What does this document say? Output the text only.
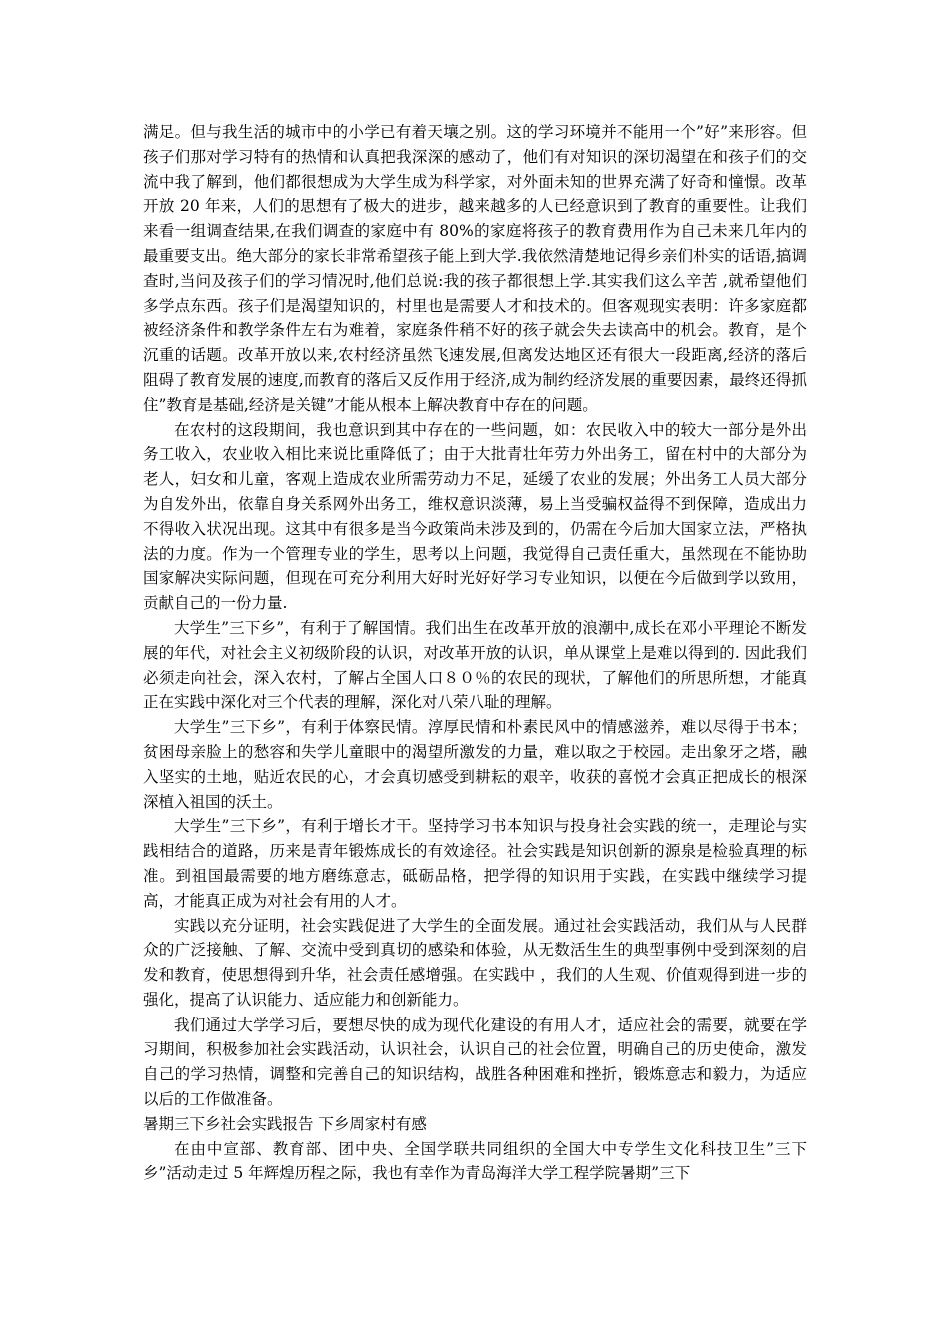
满足。但与我生活的城市中的小学已有着天壤之别。这的学习环境并不能用一个”好”来形容。但孩子们那对学习特有的热情和认真把我深深的感动了，他们有对知识的深切渴望在和孩子们的交流中我了解到，他们都很想成为大学生成为科学家，对外面未知的世界充满了好奇和憧憬。改革开放 20 年来，人们的思想有了极大的进步，越来越多的人已经意识到了教育的重要性。让我们来看一组调查结果,在我们调查的家庭中有 80%的家庭将孩子的教育费用作为自己未来几年内的最重要支出。绝大部分的家长非常希望孩子能上到大学.我依然清楚地记得乡亲们朴实的话语,搞调查时,当问及孩子们的学习情况时,他们总说:我的孩子都很想上学.其实我们这么辛苦 ,就希望他们多学点东西。孩子们是渴望知识的，村里也是需要人才和技术的。但客观现实表明：许多家庭都被经济条件和教学条件左右为难着，家庭条件稍不好的孩子就会失去读高中的机会。教育，是个沉重的话题。改革开放以来,农村经济虽然飞速发展,但离发达地区还有很大一段距离,经济的落后阻碍了教育发展的速度,而教育的落后又反作用于经济,成为制约经济发展的重要因素，最终还得抓住”教育是基础,经济是关键”才能从根本上解决教育中存在的问题。

在农村的这段期间，我也意识到其中存在的一些问题，如：农民收入中的较大一部分是外出务工收入，农业收入相比来说比重降低了；由于大批青壮年劳力外出务工，留在村中的大部分为老人，妇女和儿童，客观上造成农业所需劳动力不足，延缓了农业的发展；外出务工人员大部分为自发外出，依靠自身关系网外出务工，维权意识淡薄，易上当受骗权益得不到保障，造成出力不得收入状况出现。这其中有很多是当今政策尚未涉及到的，仍需在今后加大国家立法，严格执法的力度。作为一个管理专业的学生，思考以上问题，我觉得自己责任重大，虽然现在不能协助国家解决实际问题，但现在可充分利用大好时光好好学习专业知识，以便在今后做到学以致用，贡献自己的一份力量.

大学生”三下乡”，有利于了解国情。我们出生在改革开放的浪潮中,成长在邓小平理论不断发展的年代，对社会主义初级阶段的认识，对改革开放的认识，单从课堂上是难以得到的. 因此我们必须走向社会，深入农村，了解占全国人口８０％的农民的现状，了解他们的所思所想，才能真正在实践中深化对三个代表的理解，深化对八荣八耻的理解。

大学生”三下乡”，有利于体察民情。淳厚民情和朴素民风中的情感滋养，难以尽得于书本；贫困母亲脸上的愁容和失学儿童眼中的渴望所激发的力量，难以取之于校园。走出象牙之塔，融入坚实的土地，贴近农民的心，才会真切感受到耕耘的艰辛，收获的喜悦才会真正把成长的根深深植入祖国的沃土。

大学生”三下乡”，有利于增长才干。坚持学习书本知识与投身社会实践的统一，走理论与实践相结合的道路，历来是青年锻炼成长的有效途径。社会实践是知识创新的源泉是检验真理的标准。到祖国最需要的地方磨练意志，砥砺品格，把学得的知识用于实践，在实践中继续学习提高，才能真正成为对社会有用的人才。

实践以充分证明，社会实践促进了大学生的全面发展。通过社会实践活动，我们从与人民群众的广泛接触、了解、交流中受到真切的感染和体验，从无数活生生的典型事例中受到深刻的启发和教育，使思想得到升华，社会责任感增强。在实践中 ，我们的人生观、价值观得到进一步的强化，提高了认识能力、适应能力和创新能力。

我们通过大学学习后，要想尽快的成为现代化建设的有用人才，适应社会的需要，就要在学习期间，积极参加社会实践活动，认识社会，认识自己的社会位置，明确自己的历史使命，激发自己的学习热情，调整和完善自己的知识结构，战胜各种困难和挫折，锻炼意志和毅力，为适应以后的工作做准备。

暑期三下乡社会实践报告 下乡周家村有感

在由中宣部、教育部、团中央、全国学联共同组织的全国大中专学生文化科技卫生”三下乡”活动走过 5 年辉煌历程之际，我也有幸作为青岛海洋大学工程学院暑期”三下
